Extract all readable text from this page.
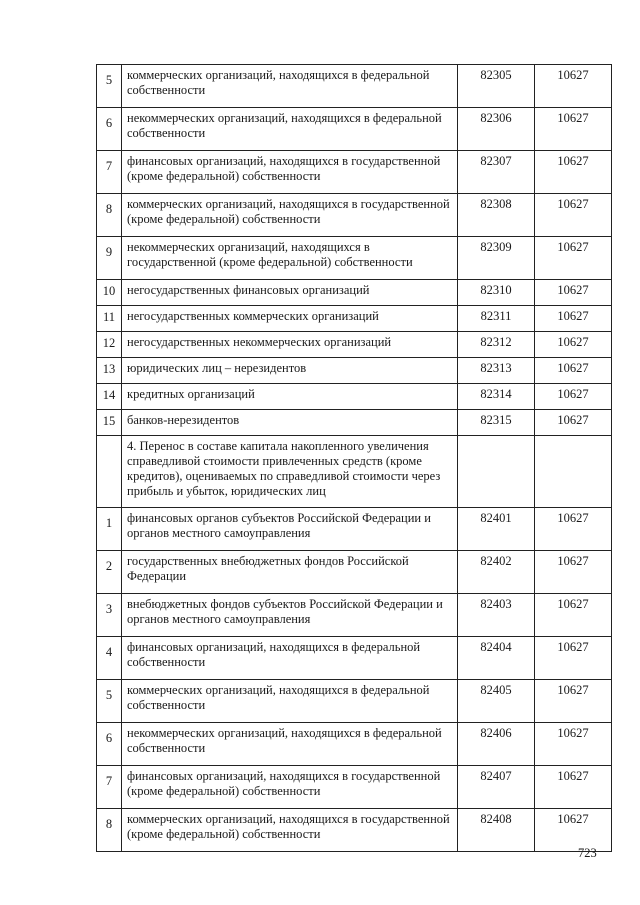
5	коммерческих организаций, находящихся в федеральной собственности	82305	10627
6	некоммерческих организаций, находящихся в федеральной собственности	82306	10627
7	финансовых организаций, находящихся в государственной (кроме федеральной) собственности	82307	10627
8	коммерческих организаций, находящихся в государственной (кроме федеральной) собственности	82308	10627
9	некоммерческих организаций, находящихся в государственной (кроме федеральной) собственности	82309	10627
10	негосударственных финансовых организаций	82310	10627
11	негосударственных коммерческих организаций	82311	10627
12	негосударственных некоммерческих организаций	82312	10627
13	юридических лиц – нерезидентов	82313	10627
14	кредитных организаций	82314	10627
15	банков-нерезидентов	82315	10627
	4. Перенос в составе капитала накопленного увеличения справедливой стоимости привлеченных средств (кроме кредитов), оцениваемых по справедливой стоимости через прибыль и убыток, юридических лиц		
1	финансовых органов субъектов Российской Федерации и органов местного самоуправления	82401	10627
2	государственных внебюджетных фондов Российской Федерации	82402	10627
3	внебюджетных фондов субъектов Российской Федерации и органов местного самоуправления	82403	10627
4	финансовых организаций, находящихся в федеральной собственности	82404	10627
5	коммерческих организаций, находящихся в федеральной собственности	82405	10627
6	некоммерческих организаций, находящихся в федеральной собственности	82406	10627
7	финансовых организаций, находящихся в государственной (кроме федеральной) собственности	82407	10627
8	коммерческих организаций, находящихся в государственной (кроме федеральной) собственности	82408	10627
723
